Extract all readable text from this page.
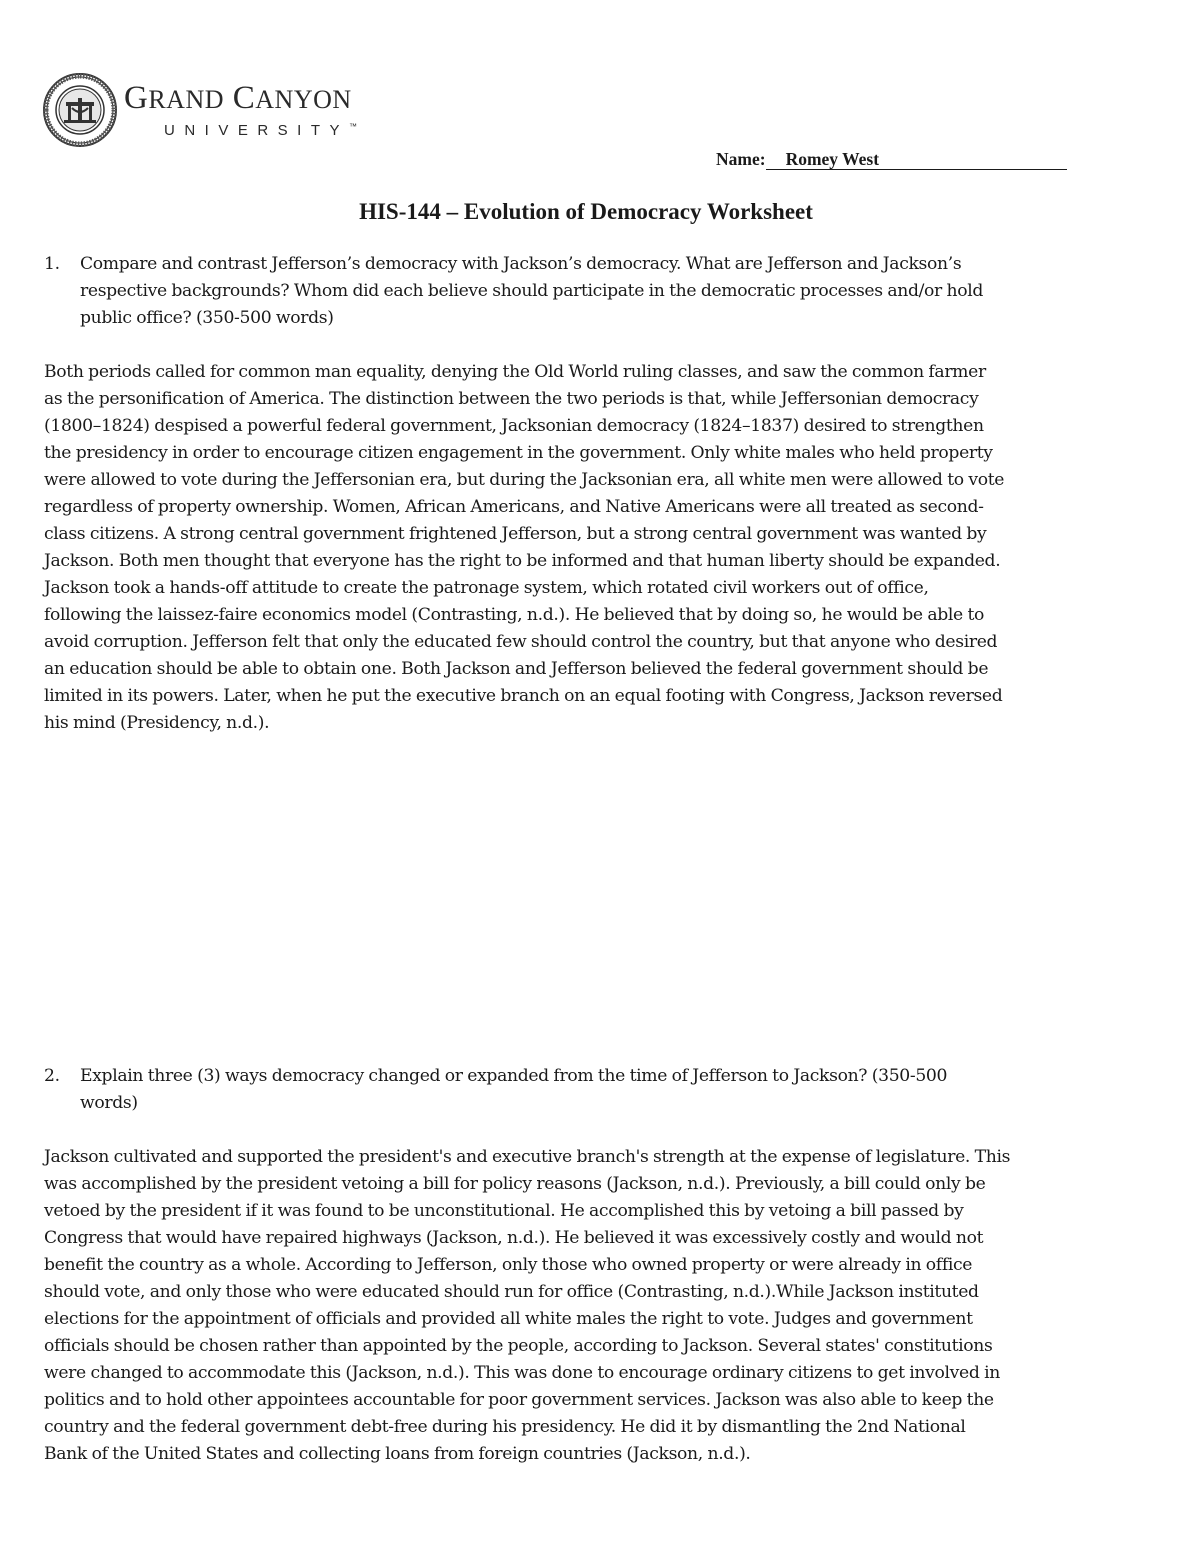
GRAND CANYON
UNIVERSITY™
Name: Romey West
HIS-144 – Evolution of Democracy Worksheet
1. Compare and contrast Jefferson’s democracy with Jackson’s democracy. What are Jefferson and Jackson’s
respective backgrounds? Whom did each believe should participate in the democratic processes and/or hold
public office? (350-500 words)
Both periods called for common man equality, denying the Old World ruling classes, and saw the common farmer
as the personification of America. The distinction between the two periods is that, while Jeffersonian democracy
(1800–1824) despised a powerful federal government, Jacksonian democracy (1824–1837) desired to strengthen
the presidency in order to encourage citizen engagement in the government. Only white males who held property
were allowed to vote during the Jeffersonian era, but during the Jacksonian era, all white men were allowed to vote
regardless of property ownership. Women, African Americans, and Native Americans were all treated as second-
class citizens. A strong central government frightened Jefferson, but a strong central government was wanted by
Jackson. Both men thought that everyone has the right to be informed and that human liberty should be expanded.
Jackson took a hands-off attitude to create the patronage system, which rotated civil workers out of office,
following the laissez-faire economics model (Contrasting, n.d.). He believed that by doing so, he would be able to
avoid corruption. Jefferson felt that only the educated few should control the country, but that anyone who desired
an education should be able to obtain one. Both Jackson and Jefferson believed the federal government should be
limited in its powers. Later, when he put the executive branch on an equal footing with Congress, Jackson reversed
his mind (Presidency, n.d.).
2. Explain three (3) ways democracy changed or expanded from the time of Jefferson to Jackson? (350-500
words)
Jackson cultivated and supported the president's and executive branch's strength at the expense of legislature. This
was accomplished by the president vetoing a bill for policy reasons (Jackson, n.d.). Previously, a bill could only be
vetoed by the president if it was found to be unconstitutional. He accomplished this by vetoing a bill passed by
Congress that would have repaired highways (Jackson, n.d.). He believed it was excessively costly and would not
benefit the country as a whole. According to Jefferson, only those who owned property or were already in office
should vote, and only those who were educated should run for office (Contrasting, n.d.).While Jackson instituted
elections for the appointment of officials and provided all white males the right to vote. Judges and government
officials should be chosen rather than appointed by the people, according to Jackson. Several states' constitutions
were changed to accommodate this (Jackson, n.d.). This was done to encourage ordinary citizens to get involved in
politics and to hold other appointees accountable for poor government services. Jackson was also able to keep the
country and the federal government debt-free during his presidency. He did it by dismantling the 2nd National
Bank of the United States and collecting loans from foreign countries (Jackson, n.d.).
